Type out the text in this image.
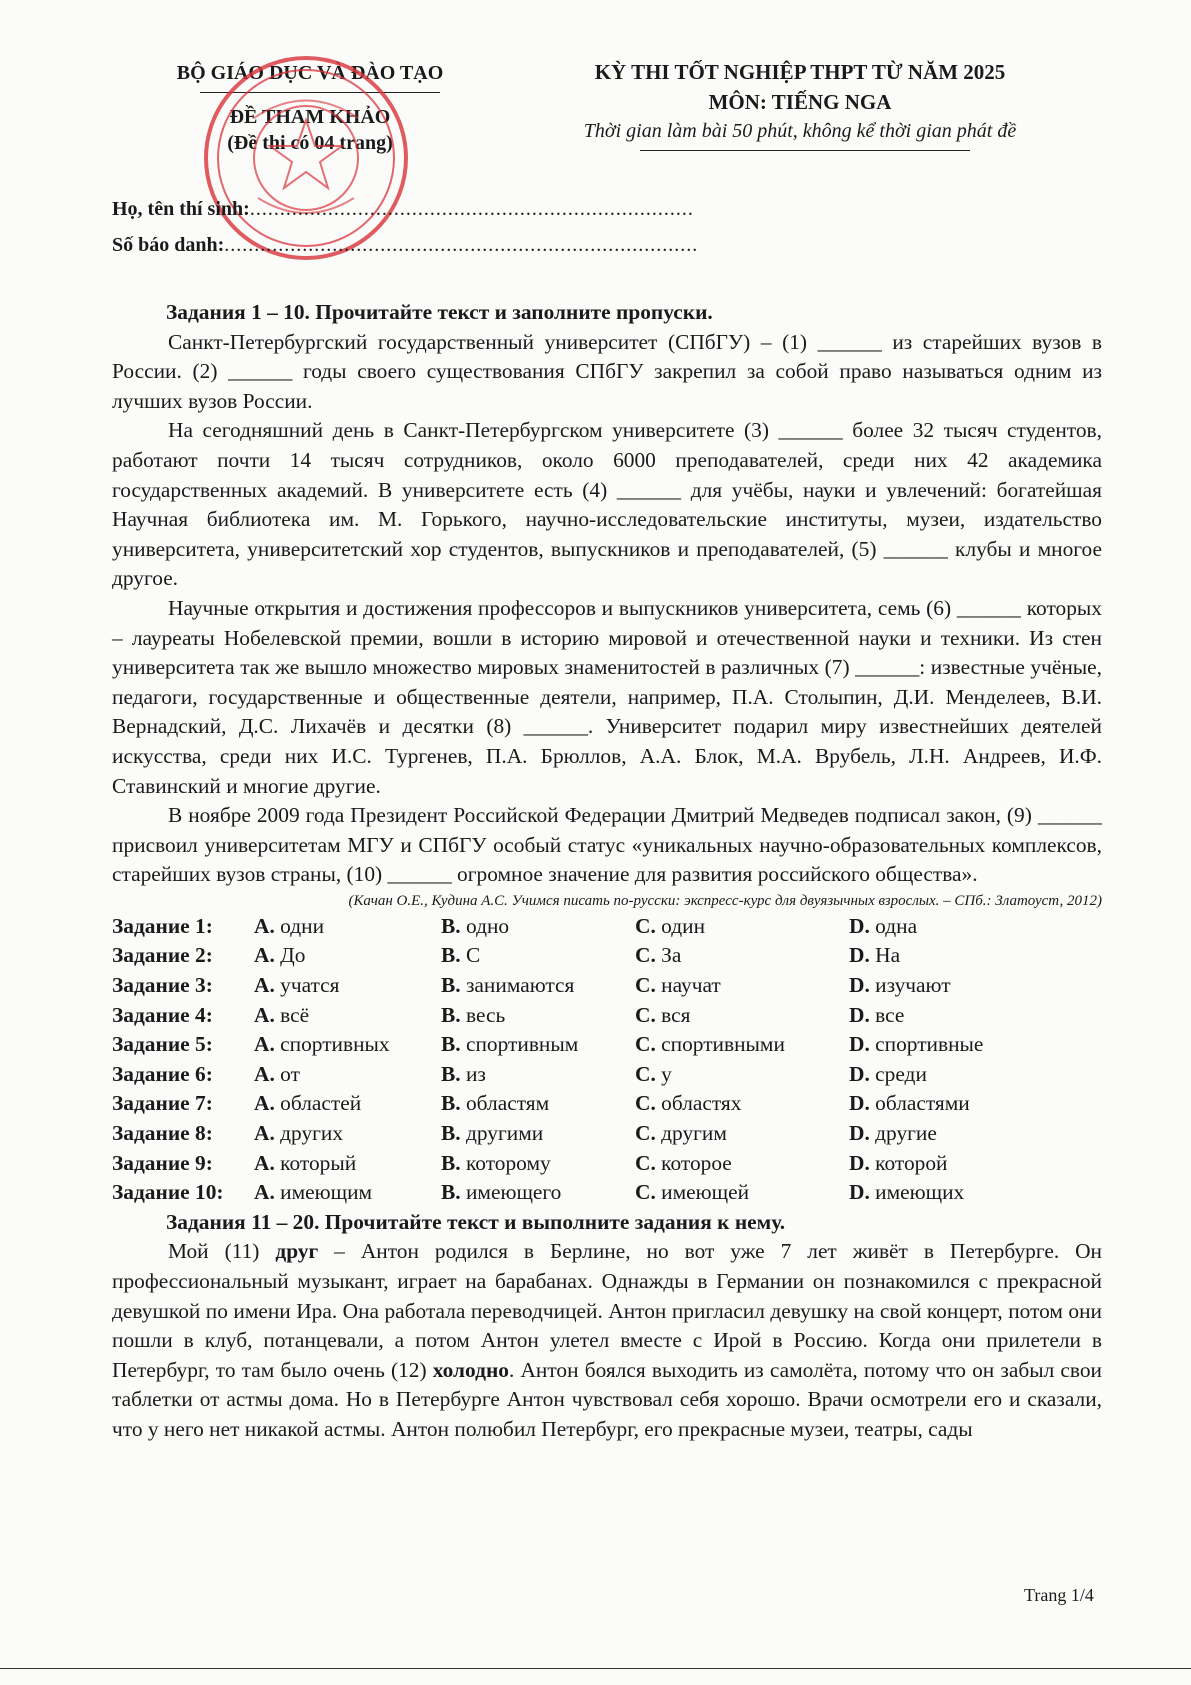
BỘ GIÁO DỤC VÀ ĐÀO TẠO
ĐỀ THAM KHẢO
(Đề thi có 04 trang)
KỲ THI TỐT NGHIỆP THPT TỪ NĂM 2025
MÔN: TIẾNG NGA
Thời gian làm bài 50 phút, không kể thời gian phát đề
Họ, tên thí sinh:..........................................................................
Số báo danh:...............................................................................

Задания 1 – 10. Прочитайте текст и заполните пропуски.

Санкт-Петербургский государственный университет (СПбГУ) – (1) ______ из старейших вузов в России. (2) ______ годы своего существования СПбГУ закрепил за собой право называться одним из лучших вузов России.

На сегодняшний день в Санкт-Петербургском университете (3) ______ более 32 тысяч студентов, работают почти 14 тысяч сотрудников, около 6000 преподавателей, среди них 42 академика государственных академий. В университете есть (4) ______ для учёбы, науки и увлечений: богатейшая Научная библиотека им. М. Горького, научно-исследовательские институты, музеи, издательство университета, университетский хор студентов, выпускников и преподавателей, (5) ______ клубы и многое другое.

Научные открытия и достижения профессоров и выпускников университета, семь (6) ______ которых – лауреаты Нобелевской премии, вошли в историю мировой и отечественной науки и техники. Из стен университета так же вышло множество мировых знаменитостей в различных (7) ______: известные учёные, педагоги, государственные и общественные деятели, например, П.А. Столыпин, Д.И. Менделеев, В.И. Вернадский, Д.С. Лихачёв и десятки (8) ______. Университет подарил миру известнейших деятелей искусства, среди них И.С. Тургенев, П.А. Брюллов, А.А. Блок, М.А. Врубель, Л.Н. Андреев, И.Ф. Ставинский и многие другие.

В ноябре 2009 года Президент Российской Федерации Дмитрий Медведев подписал закон, (9) ______ присвоил университетам МГУ и СПбГУ особый статус «уникальных научно-образовательных комплексов, старейших вузов страны, (10) ______ огромное значение для развития российского общества».

(Качан О.Е., Кудина А.С. Учимся писать по-русски: экспресс-курс для двуязычных взрослых. – СПб.: Златоуст, 2012)

Задание 1:	A. одни	B. одно	C. один	D. одна
Задание 2:	A. До	B. С	C. За	D. На
Задание 3:	A. учатся	B. занимаются	C. научат	D. изучают
Задание 4:	A. всё	B. весь	C. вся	D. все
Задание 5:	A. спортивных	B. спортивным	C. спортивными	D. спортивные
Задание 6:	A. от	B. из	C. у	D. среди
Задание 7:	A. областей	B. областям	C. областях	D. областями
Задание 8:	A. других	B. другими	C. другим	D. другие
Задание 9:	A. который	B. которому	C. которое	D. которой
Задание 10:	A. имеющим	B. имеющего	C. имеющей	D. имеющих

Задания 11 – 20. Прочитайте текст и выполните задания к нему.

Мой (11) друг – Антон родился в Берлине, но вот уже 7 лет живёт в Петербурге. Он профессиональный музыкант, играет на барабанах. Однажды в Германии он познакомился с прекрасной девушкой по имени Ира. Она работала переводчицей. Антон пригласил девушку на свой концерт, потом они пошли в клуб, потанцевали, а потом Антон улетел вместе с Ирой в Россию. Когда они прилетели в Петербург, то там было очень (12) холодно. Антон боялся выходить из самолёта, потому что он забыл свои таблетки от астмы дома. Но в Петербурге Антон чувствовал себя хорошо. Врачи осмотрели его и сказали, что у него нет никакой астмы. Антон полюбил Петербург, его прекрасные музеи, театры, сады

Trang 1/4
